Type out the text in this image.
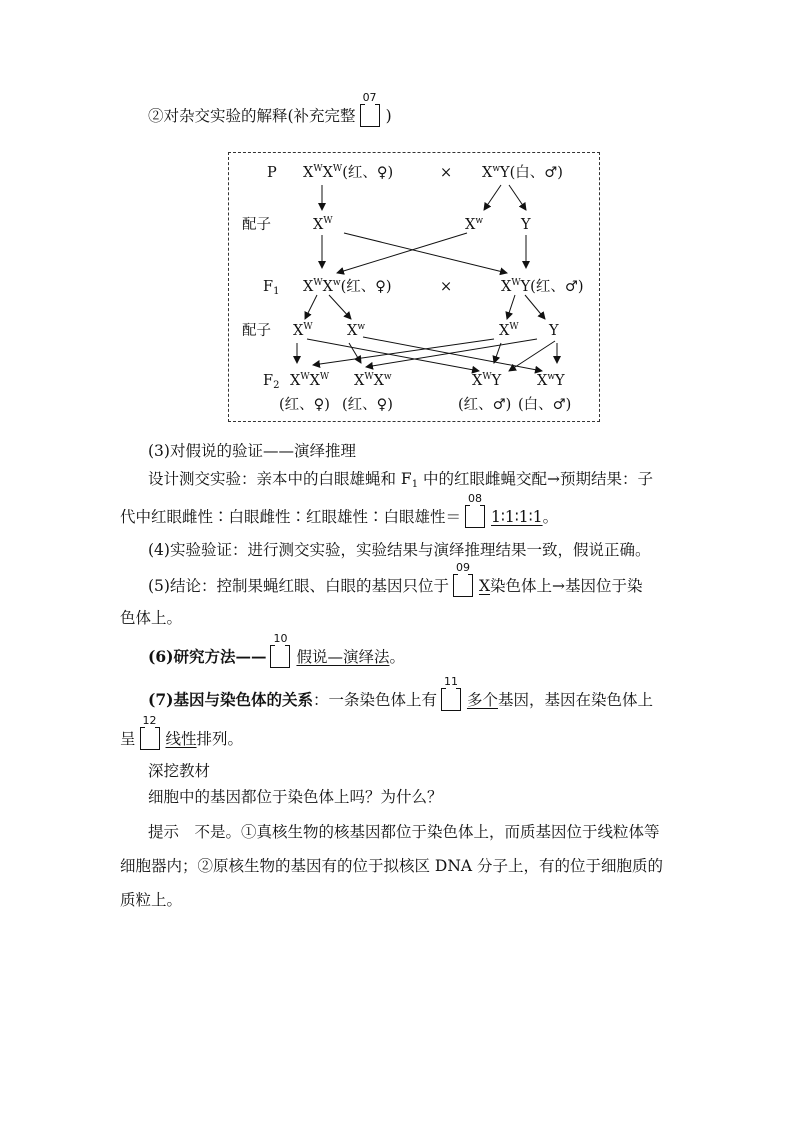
②对杂交实验的解释(补充完整
07
)
P $X^WX^W$(红、♀)	× $X^wY$(白、♂)
配子	$X^W$	$X^w$	Y
$F_1$ $X^WX^w$(红、♀)	×	$X^WY$(红、♂)
配子 $X^W$ $X^w$	$X^W$ Y
$F_2$ $X^WX^W$ $X^WX^w$	$X^WY$ $X^wY$
(红、♀) (红、♀)	(红、♂) (白、♂)
(3)对假说的验证——演绎推理
设计测交实验：亲本中的白眼雄蝇和 $F_1$ 中的红眼雌蝇交配→预期结果：子
代中红眼雌性∶白眼雌性∶红眼雄性∶白眼雄性＝
08
1∶1∶1∶1。
(4)实验验证：进行测交实验，实验结果与演绎推理结果一致，假说正确。
(5)结论：控制果蝇红眼、白眼的基因只位于
09
X染色体上→基因位于染
色体上。
(6)研究方法——
10
假说—演绎法。
(7)基因与染色体的关系：一条染色体上有
11
多个基因，基因在染色体上
呈
12
线性排列。
深挖教材
细胞中的基因都位于染色体上吗？为什么？
提示　不是。①真核生物的核基因都位于染色体上，而质基因位于线粒体等
细胞器内；②原核生物的基因有的位于拟核区 DNA 分子上，有的位于细胞质的
质粒上。
